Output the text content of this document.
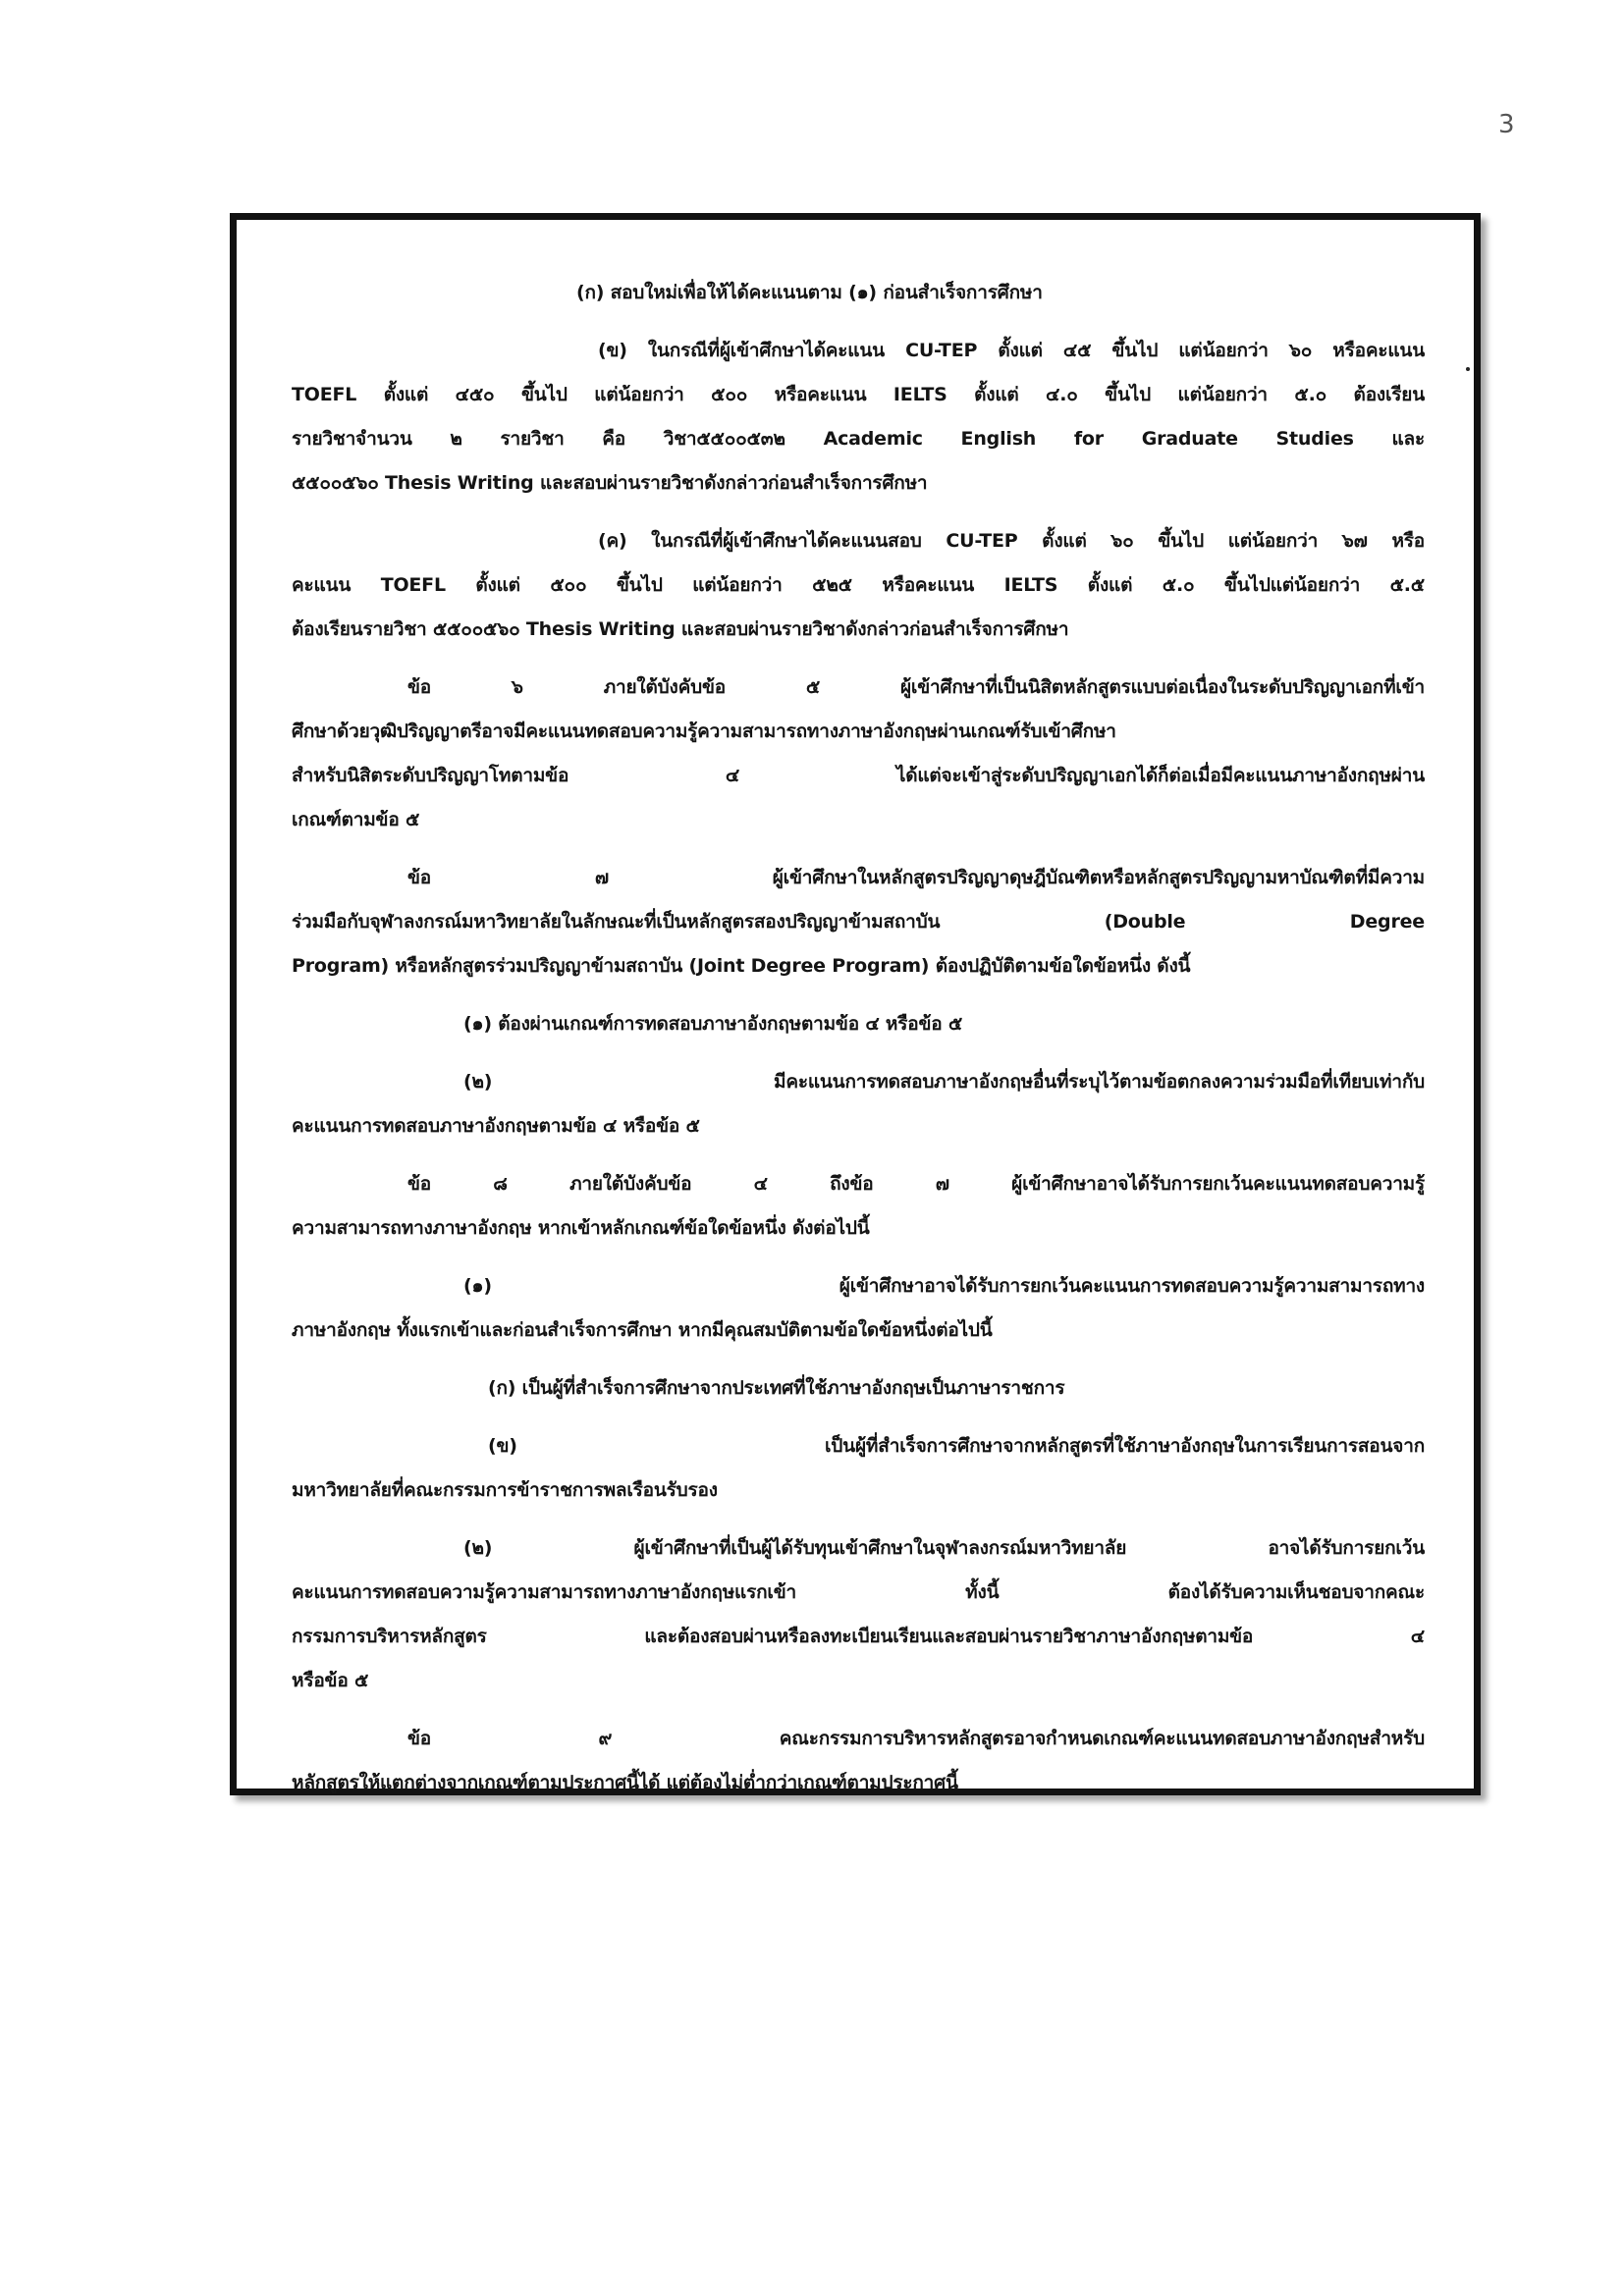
3
(ก) สอบใหม่เพื่อให้ได้คะแนนตาม (๑) ก่อนสำเร็จการศึกษา
(ข) ในกรณีที่ผู้เข้าศึกษาได้คะแนน CU-TEP ตั้งแต่ ๔๕ ขึ้นไป แต่น้อยกว่า ๖๐ หรือคะแนน
TOEFL ตั้งแต่ ๔๕๐ ขึ้นไป แต่น้อยกว่า ๕๐๐ หรือคะแนน IELTS ตั้งแต่ ๔.๐ ขึ้นไป แต่น้อยกว่า ๕.๐ ต้องเรียน
รายวิชาจำนวน ๒ รายวิชา คือ วิชา๕๕๐๐๕๓๒ Academic English for Graduate Studies และ
๕๕๐๐๕๖๐ Thesis Writing และสอบผ่านรายวิชาดังกล่าวก่อนสำเร็จการศึกษา
(ค) ในกรณีที่ผู้เข้าศึกษาได้คะแนนสอบ CU-TEP ตั้งแต่ ๖๐ ขึ้นไป แต่น้อยกว่า ๖๗ หรือ
คะแนน TOEFL ตั้งแต่ ๕๐๐ ขึ้นไป แต่น้อยกว่า ๕๒๕ หรือคะแนน IELTS ตั้งแต่ ๕.๐ ขึ้นไปแต่น้อยกว่า ๕.๕
ต้องเรียนรายวิชา ๕๕๐๐๕๖๐ Thesis Writing และสอบผ่านรายวิชาดังกล่าวก่อนสำเร็จการศึกษา
ข้อ ๖ ภายใต้บังคับข้อ ๕ ผู้เข้าศึกษาที่เป็นนิสิตหลักสูตรแบบต่อเนื่องในระดับปริญญาเอกที่เข้า
ศึกษาด้วยวุฒิปริญญาตรีอาจมีคะแนนทดสอบความรู้ความสามารถทางภาษาอังกฤษผ่านเกณฑ์รับเข้าศึกษา
สำหรับนิสิตระดับปริญญาโทตามข้อ ๔ ได้แต่จะเข้าสู่ระดับปริญญาเอกได้ก็ต่อเมื่อมีคะแนนภาษาอังกฤษผ่าน
เกณฑ์ตามข้อ ๕
ข้อ ๗ ผู้เข้าศึกษาในหลักสูตรปริญญาดุษฎีบัณฑิตหรือหลักสูตรปริญญามหาบัณฑิตที่มีความ
ร่วมมือกับจุฬาลงกรณ์มหาวิทยาลัยในลักษณะที่เป็นหลักสูตรสองปริญญาข้ามสถาบัน (Double Degree
Program) หรือหลักสูตรร่วมปริญญาข้ามสถาบัน (Joint Degree Program) ต้องปฏิบัติตามข้อใดข้อหนึ่ง ดังนี้
(๑) ต้องผ่านเกณฑ์การทดสอบภาษาอังกฤษตามข้อ ๔ หรือข้อ ๕
(๒) มีคะแนนการทดสอบภาษาอังกฤษอื่นที่ระบุไว้ตามข้อตกลงความร่วมมือที่เทียบเท่ากับ
คะแนนการทดสอบภาษาอังกฤษตามข้อ ๔ หรือข้อ ๕
ข้อ ๘ ภายใต้บังคับข้อ ๔ ถึงข้อ ๗ ผู้เข้าศึกษาอาจได้รับการยกเว้นคะแนนทดสอบความรู้
ความสามารถทางภาษาอังกฤษ หากเข้าหลักเกณฑ์ข้อใดข้อหนึ่ง ดังต่อไปนี้
(๑) ผู้เข้าศึกษาอาจได้รับการยกเว้นคะแนนการทดสอบความรู้ความสามารถทาง
ภาษาอังกฤษ ทั้งแรกเข้าและก่อนสำเร็จการศึกษา หากมีคุณสมบัติตามข้อใดข้อหนึ่งต่อไปนี้
(ก) เป็นผู้ที่สำเร็จการศึกษาจากประเทศที่ใช้ภาษาอังกฤษเป็นภาษาราชการ
(ข) เป็นผู้ที่สำเร็จการศึกษาจากหลักสูตรที่ใช้ภาษาอังกฤษในการเรียนการสอนจาก
มหาวิทยาลัยที่คณะกรรมการข้าราชการพลเรือนรับรอง
(๒) ผู้เข้าศึกษาที่เป็นผู้ได้รับทุนเข้าศึกษาในจุฬาลงกรณ์มหาวิทยาลัย อาจได้รับการยกเว้น
คะแนนการทดสอบความรู้ความสามารถทางภาษาอังกฤษแรกเข้า ทั้งนี้ ต้องได้รับความเห็นชอบจากคณะ
กรรมการบริหารหลักสูตร และต้องสอบผ่านหรือลงทะเบียนเรียนและสอบผ่านรายวิชาภาษาอังกฤษตามข้อ ๔
หรือข้อ ๕
ข้อ ๙ คณะกรรมการบริหารหลักสูตรอาจกำหนดเกณฑ์คะแนนทดสอบภาษาอังกฤษสำหรับ
หลักสูตรให้แตกต่างจากเกณฑ์ตามประกาศนี้ได้ แต่ต้องไม่ต่ำกว่าเกณฑ์ตามประกาศนี้
